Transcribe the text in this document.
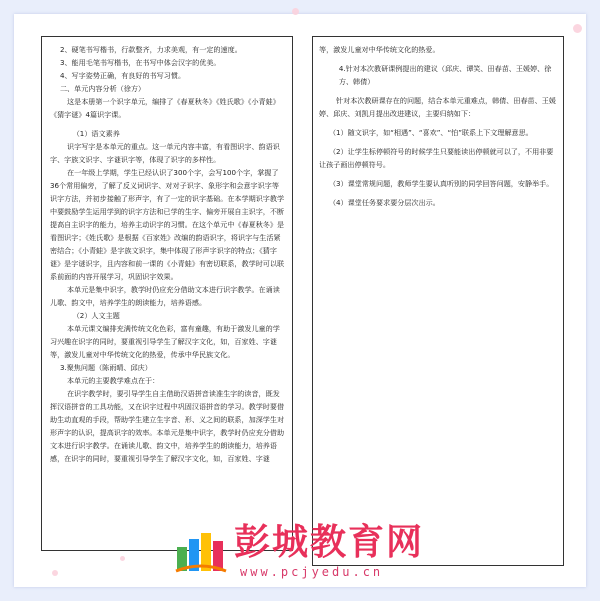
2、硬笔书写楷书，行款整齐，力求美观，有一定的速度。

3、能用毛笔书写楷书，在书写中体会汉字的优美。

4、写字姿势正确，有良好的书写习惯。

二、单元内容分析（徐方）

这是本册第一个识字单元，编排了《春夏秋冬》《姓氏歌》《小青蛙》《猜字谜》4篇识字课。

（1）语文素养

识字写字是本单元的重点。这一单元内容丰富，有看图识字、韵语识字、字族文识字、字谜识字等，体现了识字的多样性。

在一年级上学期，学生已经认识了300个字，会写100个字，掌握了36个常用偏旁，了解了反义词识字、对对子识字、象形字和会意字识字等识字方法，并初步接触了形声字，有了一定的识字基础。在本学期识字教学中要鼓励学生运用学到的识字方法和已学的生字、偏旁开展自主识字，不断提高自主识字的能力，培养主动识字的习惯。在这个单元中《春夏秋冬》是看图识字；《姓氏歌》是根据《百家姓》改编的韵语识字，将识字与生活紧密结合；《小青蛙》是字族文识字，集中体现了形声字识字的特点；《猜字谜》是字谜识字，且内容和前一课的《小青蛙》有密切联系，教学时可以联系前面的内容开展学习，巩固识字效果。

本单元是集中识字，教学时仍应充分借助文本进行识字教学。在诵读儿歌、韵文中，培养学生的朗读能力，培养语感。

（2）人文主题

本单元课文编排充满传统文化色彩，富有童趣，有助于激发儿童的学习兴趣在识字的同时，要重视引导学生了解汉字文化，如，百家姓、字谜等，激发儿童对中华传统文化的热爱，传承中华民族文化。

3.聚焦问题（陈雨晴、邱庆）

本单元的主要教学难点在于：

在识字教学时，要引导学生自主借助汉语拼音读准生字的读音，既发挥汉语拼音的工具功能，又在识字过程中巩固汉语拼音的学习。教学时要借助生动直观的手段，帮助学生建立生字音、形、义之间的联系，加深学生对形声字的认识，提高识字的效率。本单元是集中识字，教学时仍应充分借助文本进行识字教学。在诵读儿歌、韵文中，培养学生的朗读能力，培养语感，在识字的同时，要重视引导学生了解汉字文化，如，百家姓、字谜

等，激发儿童对中华传统文化的热爱。

4.针对本次教研课例提出的建议（邱庆、谭笑、田春苗、王媛婷、徐方、韩倩）

针对本次教研课存在的问题，结合本单元重难点，韩倩、田春苗、王媛婷、邱庆、刘凯月提出改进建议，主要归纳如下：

（1）随文识字，如“相遇”、“喜欢”、“怕”联系上下文理解意思。

（2）让学生标停顿符号的时候学生只要能读出停顿就可以了，不用非要让孩子画出停顿符号。

（3）课堂常规问题，教师学生要认真听别的同学回答问题，安静举手。

（4）课堂任务要求要分层次出示。

彭城教育网
www.pcjyedu.cn
